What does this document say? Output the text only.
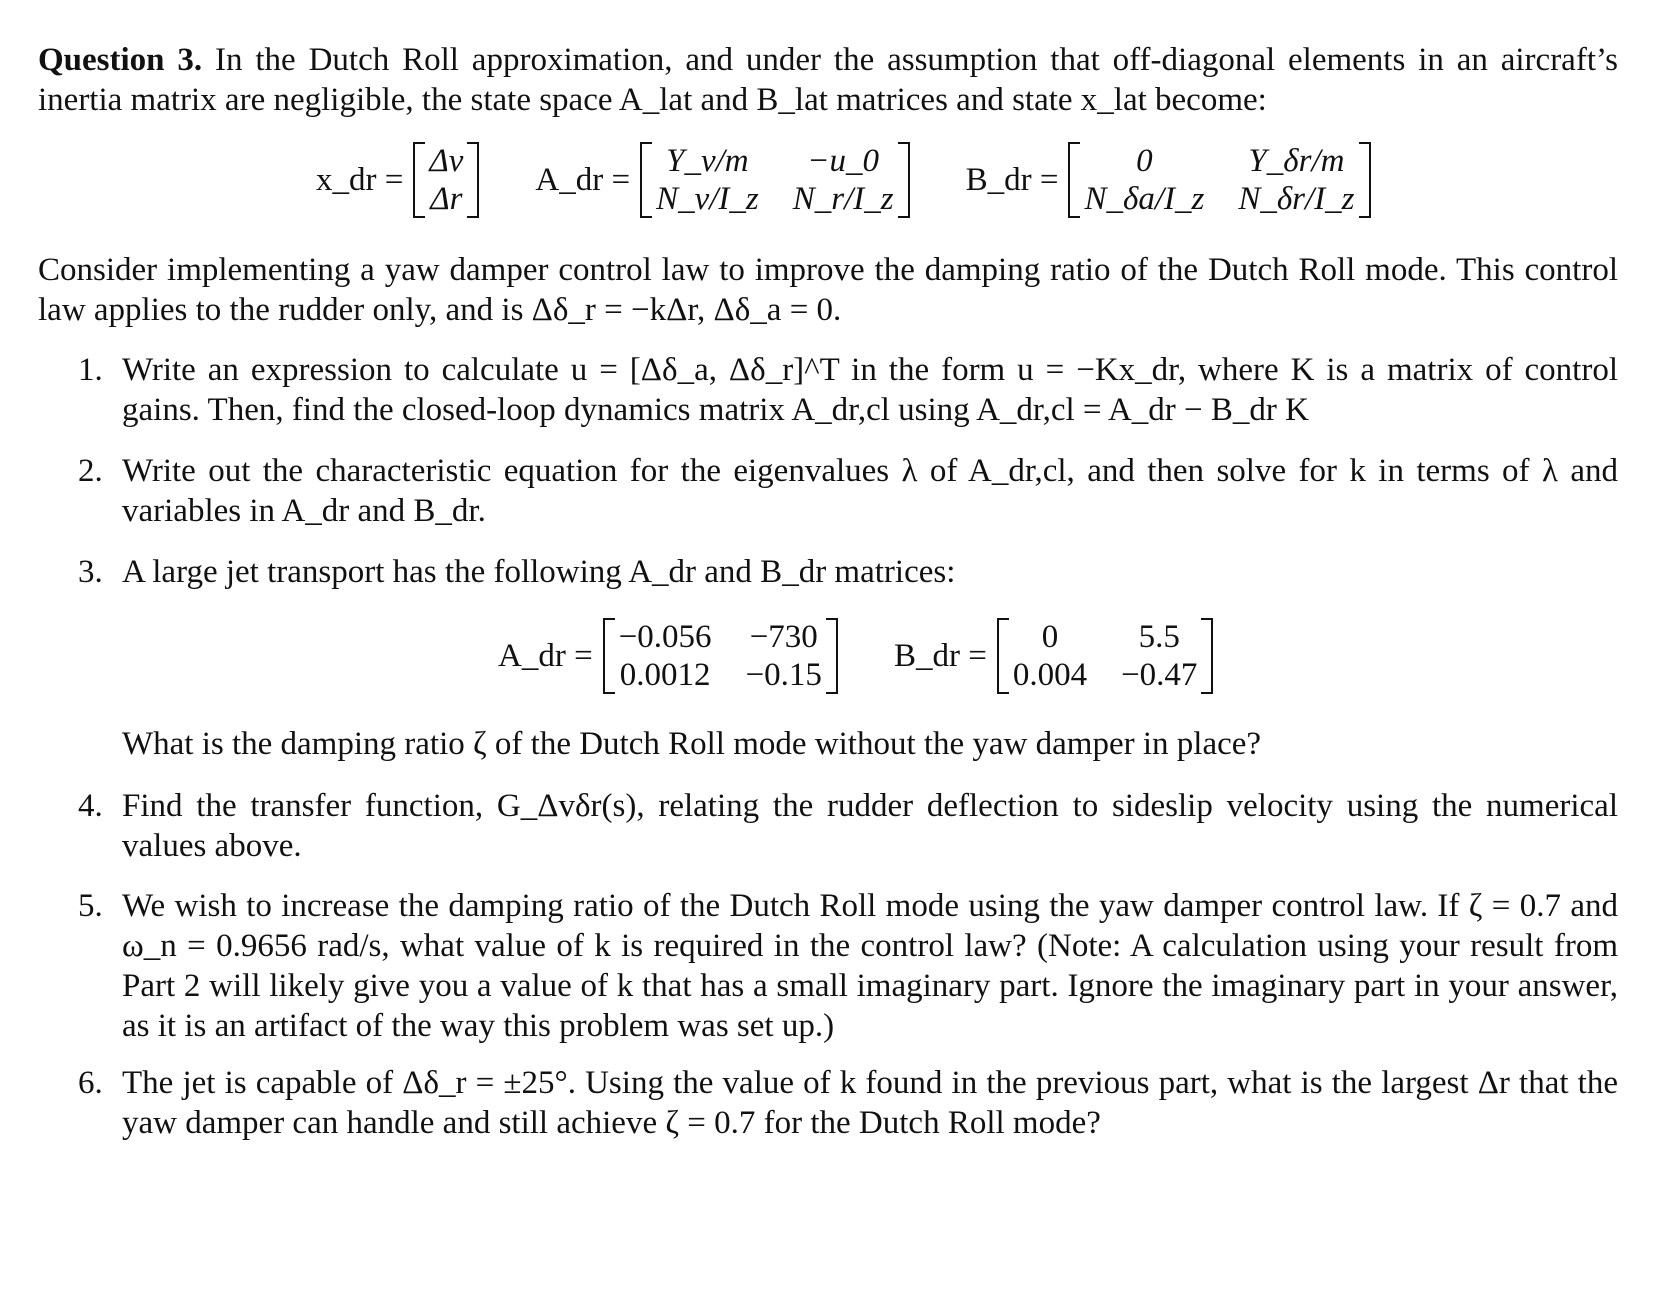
Question 3. In the Dutch Roll approximation, and under the assumption that off-diagonal elements in an aircraft’s inertia matrix are negligible, the state space A_lat and B_lat matrices and state x_lat become:
x_dr =
Δv
Δr
A_dr =
Y_v/m	−u_0
N_v/I_z N_r/I_z
B_dr =
0	Y_δr/m
N_δa/I_z N_δr/I_z
Consider implementing a yaw damper control law to improve the damping ratio of the Dutch Roll mode. This control law applies to the rudder only, and is Δδ_r = −kΔr, Δδ_a = 0.
1. Write an expression to calculate u = [Δδ_a, Δδ_r]^T in the form u = −Kx_dr, where K is a matrix of control gains. Then, find the closed-loop dynamics matrix A_dr,cl using A_dr,cl = A_dr − B_dr K
2. Write out the characteristic equation for the eigenvalues λ of A_dr,cl, and then solve for k in terms of λ and variables in A_dr and B_dr.
3. A large jet transport has the following A_dr and B_dr matrices:
A_dr =
−0.056 −730
0.0012 −0.15
B_dr =
0	5.5
0.004 −0.47
What is the damping ratio ζ of the Dutch Roll mode without the yaw damper in place?
4. Find the transfer function, G_Δvδr(s), relating the rudder deflection to sideslip velocity using the numerical values above.
5. We wish to increase the damping ratio of the Dutch Roll mode using the yaw damper control law. If ζ = 0.7 and ω_n = 0.9656 rad/s, what value of k is required in the control law? (Note: A calculation using your result from Part 2 will likely give you a value of k that has a small imaginary part. Ignore the imaginary part in your answer, as it is an artifact of the way this problem was set up.)
6. The jet is capable of Δδ_r = ±25°. Using the value of k found in the previous part, what is the largest Δr that the yaw damper can handle and still achieve ζ = 0.7 for the Dutch Roll mode?
